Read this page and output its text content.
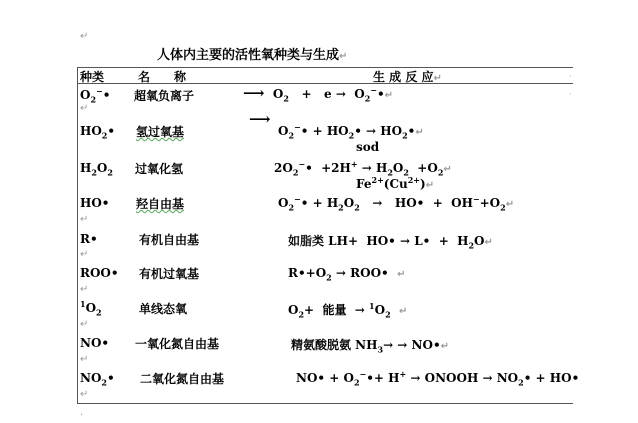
↵
·
·
·
人体内主要的活性氧种类与生成↵
种类	名　　称	生 成 反 应↵
$O_2^-•$ 超氧负离子	⟶  $O_2 + e$ →  $O_2^-•↵$
↵
⟶
$HO_2•$ 氢过氧基	$O_2^-•$ + $HO_2•$ → $HO_2•↵$
sod
$H_2O_2$ 过氧化氢	$2O_2^-• +2H^+ \to H_2O_2$  $+O_2↵$
$Fe^{2+}(Cu^{2+})↵$
HO• 羟自由基	$O_2^-• + H_2O_2$   →   HO•  +  $OH^-+O_2↵$
↵
R•	有机自由基	如脂类 LH+  HO• → L•  +  $H_2O↵$
↵
ROO• 有机过氧基	$R•+O_2$ → ROO• ↵
↵
$^1O_2$	单线态氧	$O_2+$  能量  → $^1O_2$ ↵
↵
NO• 一氧化氮自由基	精氨酸脱氨 $NH_3\to$ → NO•↵
↵
$NO_2•$ 二氧化氮自由基	NO• + $O_2^-•+ H^+$ → ONOOH → $NO_2•$ + HO•
↵
